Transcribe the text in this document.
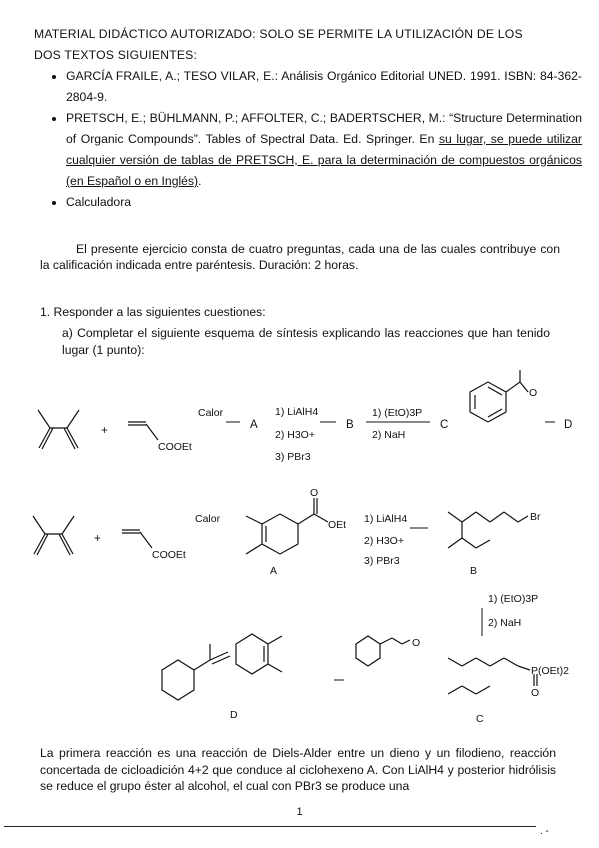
MATERIAL DIDÁCTICO AUTORIZADO: SOLO SE PERMITE LA UTILIZACIÓN DE LOS
DOS TEXTOS SIGUIENTES:
• GARCÍA FRAILE, A.; TESO VILAR, E.: Análisis Orgánico Editorial UNED. 1991. ISBN: 84-362-2804-9.
• PRETSCH, E.; BÜHLMANN, P.; AFFOLTER, C.; BADERTSCHER, M.: “Structure Determination of Organic Compounds”. Tables of Spectral Data. Ed. Springer. En su lugar, se puede utilizar cualquier versión de tablas de PRETSCH, E. para la determinación de compuestos orgánicos (en Español o en Inglés).
• Calculadora
El presente ejercicio consta de cuatro preguntas, cada una de las cuales contribuye con la calificación indicada entre paréntesis. Duración: 2 horas.
1. Responder a las siguientes cuestiones:
a) Completar el siguiente esquema de síntesis explicando las reacciones que han tenido lugar (1 punto):
+
COOEt
Calor
A
1) LiAlH4
2) H3O+
3) PBr3
B
1) (EtO)3P
2) NaH
C
O
D
+
COOEt
Calor
O
OEt
A
1) LiAlH4
2) H3O+
3) PBr3
Br
B
1) (EtO)3P
2) NaH
P(OEt)2
O
C
O
D
La primera reacción es una reacción de Diels-Alder entre un dieno y un filodieno, reacción concertada de cicloadición 4+2 que conduce al ciclohexeno A. Con LiAlH4 y posterior hidrólisis se reduce el grupo éster al alcohol, el cual con PBr3 se produce una
1
. -
